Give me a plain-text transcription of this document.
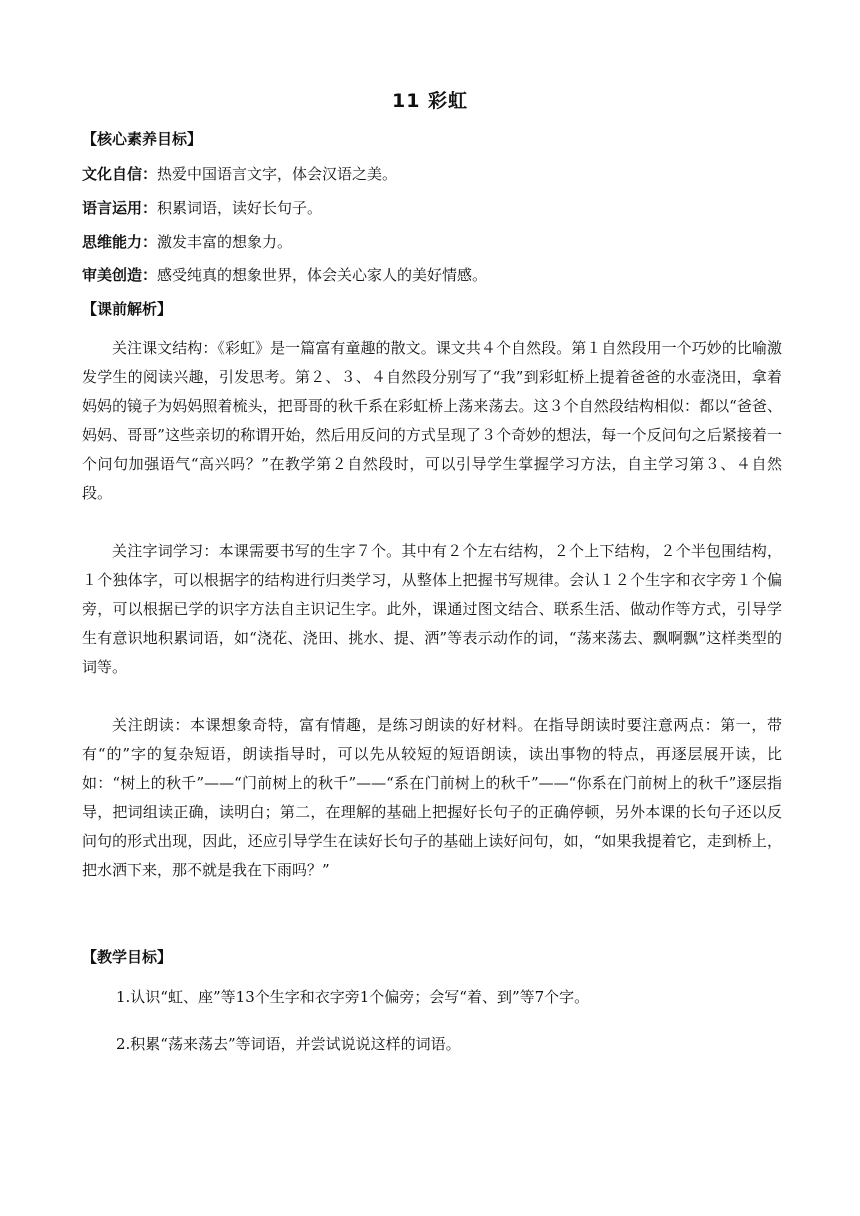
11 彩虹
【核心素养目标】
文化自信：热爱中国语言文字，体会汉语之美。
语言运用：积累词语，读好长句子。
思维能力：激发丰富的想象力。
审美创造：感受纯真的想象世界，体会关心家人的美好情感。
【课前解析】
关注课文结构：《彩虹》是一篇富有童趣的散文。课文共４个自然段。第１自然段用一个巧妙的比喻激发学生的阅读兴趣，引发思考。第２、３、４自然段分别写了“我”到彩虹桥上提着爸爸的水壶浇田，拿着妈妈的镜子为妈妈照着梳头，把哥哥的秋千系在彩虹桥上荡来荡去。这３个自然段结构相似：都以“爸爸、妈妈、哥哥”这些亲切的称谓开始，然后用反问的方式呈现了３个奇妙的想法，每一个反问句之后紧接着一个问句加强语气“高兴吗？”在教学第２自然段时，可以引导学生掌握学习方法，自主学习第３、４自然段。
关注字词学习：本课需要书写的生字７个。其中有２个左右结构，２个上下结构，２个半包围结构，１个独体字，可以根据字的结构进行归类学习，从整体上把握书写规律。会认１２个生字和衣字旁１个偏旁，可以根据已学的识字方法自主识记生字。此外，课通过图文结合、联系生活、做动作等方式，引导学生有意识地积累词语，如“浇花、浇田、挑水、提、洒”等表示动作的词，“荡来荡去、飘啊飘”这样类型的词等。
关注朗读：本课想象奇特，富有情趣，是练习朗读的好材料。在指导朗读时要注意两点：第一，带有“的”字的复杂短语，朗读指导时，可以先从较短的短语朗读，读出事物的特点，再逐层展开读，比如：“树上的秋千”——“门前树上的秋千”——“系在门前树上的秋千”——“你系在门前树上的秋千”逐层指导，把词组读正确，读明白；第二，在理解的基础上把握好长句子的正确停顿，另外本课的长句子还以反问句的形式出现，因此，还应引导学生在读好长句子的基础上读好问句，如，“如果我提着它，走到桥上，把水洒下来，那不就是我在下雨吗？”
【教学目标】
1.认识“虹、座”等13个生字和衣字旁1个偏旁；会写“着、到”等7个字。
2.积累“荡来荡去”等词语，并尝试说说这样的词语。
